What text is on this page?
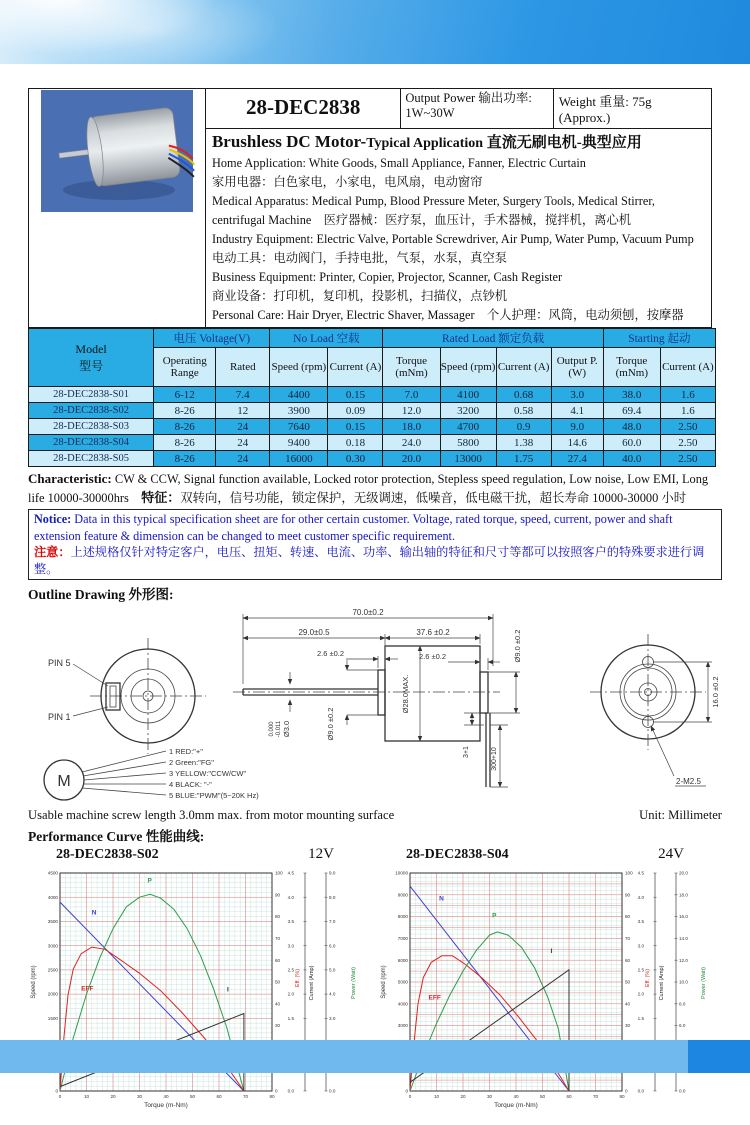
	28-DEC2838	Output Power 输出功率:
1W~30W	Weight 重量: 75g (Approx.)

Brushless DC Motor-Typical Application 直流无刷电机-典型应用

Home Application: White Goods, Small Appliance, Fanner, Electric Curtain

家用电器：白色家电，小家电，电风扇，电动窗帘

Medical Apparatus: Medical Pump, Blood Pressure Meter, Surgery Tools, Medical Stirrer, centrifugal Machine　医疗器械：医疗泵，血压计，手术器械，搅拌机，离心机

Industry Equipment: Electric Valve, Portable Screwdriver, Air Pump, Water Pump, Vacuum Pump

电动工具：电动阀门，手持电批，气泵，水泵，真空泵

Business Equipment: Printer, Copier, Projector, Scanner, Cash Register

商业设备：打印机，复印机，投影机，扫描仪，点钞机

Personal Care: Hair Dryer, Electric Shaver, Massager　个人护理：风筒，电动须刨，按摩器

Model
型号	电压 Voltage(V)		No Load 空载		Rated Load 额定负载				Starting 起动	
	Operating Range	Rated	Speed (rpm)	Current (A)	Torque (mNm)	Speed (rpm)	Current (A)	Output P. (W)	Torque (mNm)	Current (A)
28-DEC2838-S01	6-12	7.4	4400	0.15	7.0	4100	0.68	3.0	38.0	1.6
28-DEC2838-S02	8-26	12	3900	0.09	12.0	3200	0.58	4.1	69.4	1.6
28-DEC2838-S03	8-26	24	7640	0.15	18.0	4700	0.9	9.0	48.0	2.50
28-DEC2838-S04	8-26	24	9400	0.18	24.0	5800	1.38	14.6	60.0	2.50
28-DEC2838-S05	8-26	24	16000	0.30	20.0	13000	1.75	27.4	40.0	2.50

Characteristic: CW & CCW, Signal function available, Locked rotor protection, Stepless speed regulation, Low noise, Low EMI, Long life 10000-30000hrs　特征：双转向，信号功能，锁定保护，无级调速，低噪音，低电磁干扰，超长寿命 10000-30000 小时

Notice: Data in this typical specification sheet are for other certain customer. Voltage, rated torque, speed, current, power and shaft extension feature & dimension can be changed to meet customer specific requirement.
注意：上述规格仅针对特定客户，电压、扭矩、转速、电流、功率、输出轴的特征和尺寸等都可以按照客户的特殊要求进行调整。
Outline Drawing 外形图:
PIN 5
PIN 1
M
1 RED:"+"
2 Green:"FG"
3 YELLOW:"CCW/CW"
4 BLACK: "-"
5 BLUE:"PWM"(5~20K Hz)
70.0±0.2
29.0±0.5	37.6 ±0.2
2.6 ±0.2
0.000 -0.011 Ø3.0	Ø9.0 ±0.2
Ø28.0MAX.
2.6 ±0.2	Ø9.0 ±0.2
3+1	300+10
16.0 ±0.2
2-M2.5
Usable machine screw length 3.0mm max. from motor mounting surface	Unit: Millimeter
Performance Curve 性能曲线:
28-DEC2838-S02	12V
0
1500
2000
2500
3000
3500
4000
4500
Speed (rpm)
0	10	20	30	40	50	60	70	80
Torque (m-Nm)
0
30
40
50
60
70
80
90
100
0.0
1.5
2.0
2.5
3.0
3.5
4.0
4.5
Eff. (%) Current (Amp)
0.0
3.0
4.0
5.0
6.0
7.0
8.0
9.0
Power (Watt)
N
EFF
P
I
28-DEC2838-S04	24V
0
3000
4000
5000
6000
7000
8000
9000
10000
Speed (rpm)
0	10	20	30	40	50	60	70	80
Torque (m-Nm)
0
30
40
50
60
70
80
90
100
0.0
1.5
2.0
2.5
3.0
3.5
4.0
4.5
Eff. (%) Current (Amp)
0.0
6.0
8.0
10.0
12.0
14.0
16.0
18.0
20.0
Power (Watt)
N
EFF
P
I
